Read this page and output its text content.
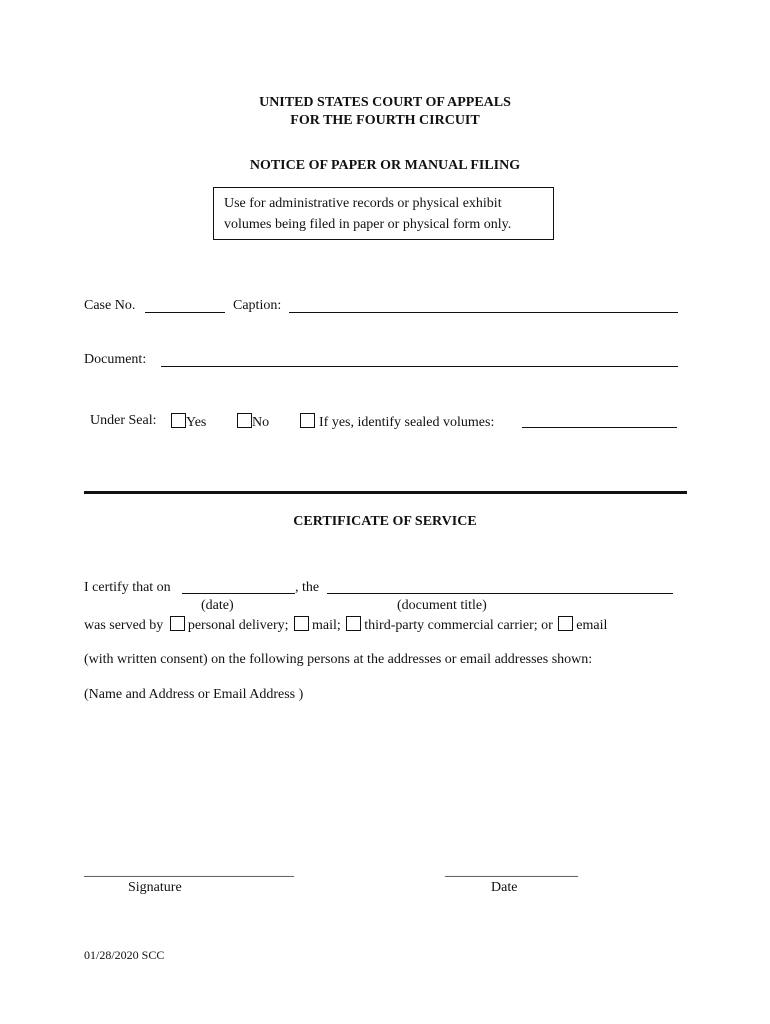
UNITED STATES COURT OF APPEALS
FOR THE FOURTH CIRCUIT
NOTICE OF PAPER OR MANUAL FILING
Use for administrative records or physical exhibit
volumes being filed in paper or physical form only.
Case No.	Caption:
Document:
Under Seal:	Yes	No	If yes, identify sealed volumes:
CERTIFICATE OF SERVICE
I certify that on	, the
(date)	(document title)
was served by personal delivery; mail; third-party commercial carrier; or email
(with written consent) on the following persons at the addresses or email addresses shown:
(Name and Address or Email Address )
______________________________
Signature
___________________
Date
01/28/2020 SCC
